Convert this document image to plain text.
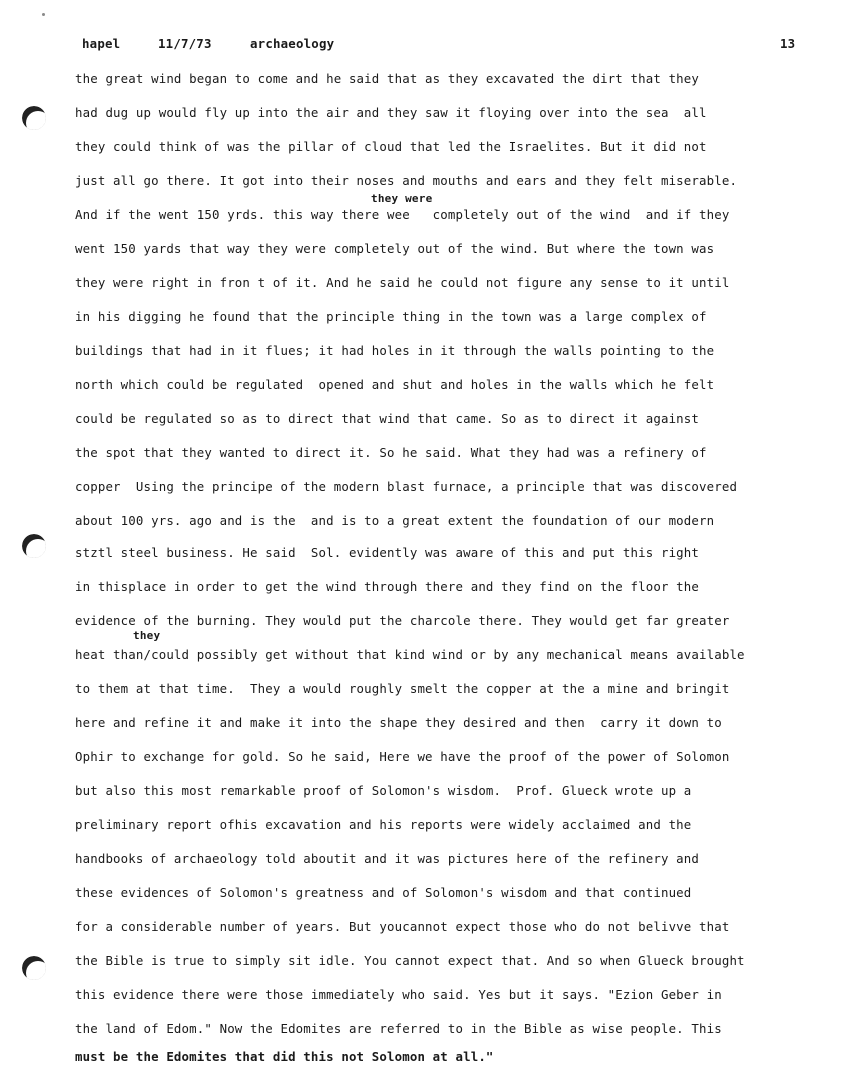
hapel	11/7/73	archaeology	13
they were
they
the great wind began to come and he said that as they excavated the dirt that they
had dug up would fly up into the air and they saw it floying over into the sea  all
they could think of was the pillar of cloud that led the Israelites. But it did not
just all go there. It got into their noses and mouths and ears and they felt miserable.
And if the went 150 yrds. this way there wee   completely out of the wind  and if they
went 150 yards that way they were completely out of the wind. But where the town was
they were right in fron t of it. And he said he could not figure any sense to it until
in his digging he found that the principle thing in the town was a large complex of
buildings that had in it flues; it had holes in it through the walls pointing to the
north which could be regulated  opened and shut and holes in the walls which he felt
could be regulated so as to direct that wind that came. So as to direct it against
the spot that they wanted to direct it. So he said. What they had was a refinery of
copper  Using the principe of the modern blast furnace, a principle that was discovered
about 100 yrs. ago and is the  and is to a great extent the foundation of our modern
stztl steel business. He said  Sol. evidently was aware of this and put this right
in thisplace in order to get the wind through there and they find on the floor the
evidence of the burning. They would put the charcole there. They would get far greater
heat than/could possibly get without that kind wind or by any mechanical means available
to them at that time.  They a would roughly smelt the copper at the a mine and bringit
here and refine it and make it into the shape they desired and then  carry it down to
Ophir to exchange for gold. So he said, Here we have the proof of the power of Solomon
but also this most remarkable proof of Solomon's wisdom.  Prof. Glueck wrote up a
preliminary report ofhis excavation and his reports were widely acclaimed and the
handbooks of archaeology told aboutit and it was pictures here of the refinery and
these evidences of Solomon's greatness and of Solomon's wisdom and that continued
for a considerable number of years. But youcannot expect those who do not belivve that
the Bible is true to simply sit idle. You cannot expect that. And so when Glueck brought
this evidence there were those immediately who said. Yes but it says. "Ezion Geber in
the land of Edom." Now the Edomites are referred to in the Bible as wise people. This
must be the Edomites that did this not Solomon at all."
